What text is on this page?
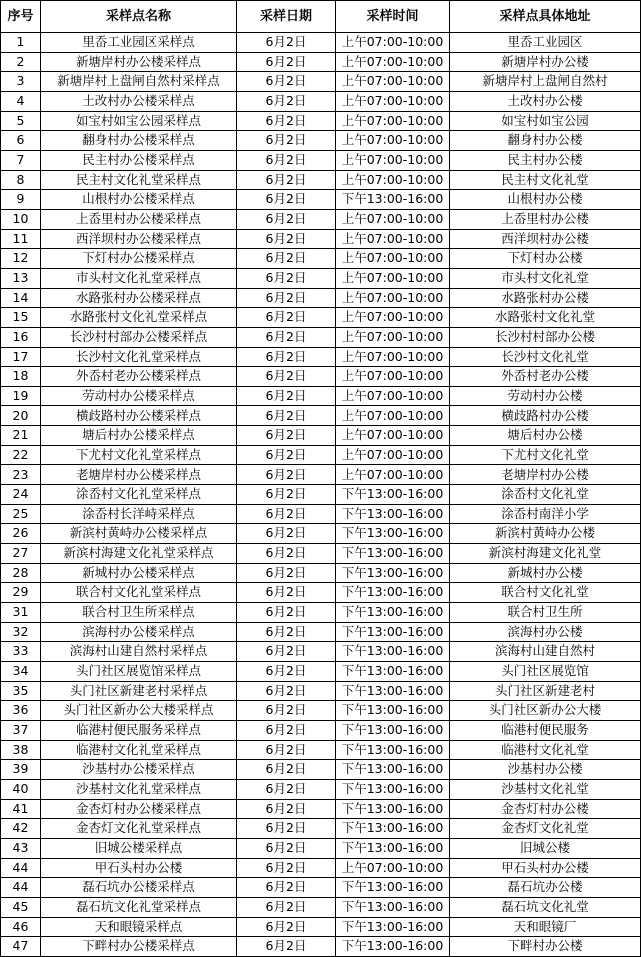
序号	采样点名称	采样日期	采样时间	采样点具体地址
1	里岙工业园区采样点	6月2日	上午07:00-10:00	里岙工业园区
2	新塘岸村办公楼采样点	6月2日	上午07:00-10:00	新塘岸村办公楼
3	新塘岸村上盘闸自然村采样点	6月2日	上午07:00-10:00	新塘岸村上盘闸自然村
4	土改村办公楼采样点	6月2日	上午07:00-10:00	土改村办公楼
5	如宝村如宝公园采样点	6月2日	上午07:00-10:00	如宝村如宝公园
6	翻身村办公楼采样点	6月2日	上午07:00-10:00	翻身村办公楼
7	民主村办公楼采样点	6月2日	上午07:00-10:00	民主村办公楼
8	民主村文化礼堂采样点	6月2日	上午07:00-10:00	民主村文化礼堂
9	山根村办公楼采样点	6月2日	下午13:00-16:00	山根村办公楼
10	上岙里村办公楼采样点	6月2日	上午07:00-10:00	上岙里村办公楼
11	西洋坝村办公楼采样点	6月2日	上午07:00-10:00	西洋坝村办公楼
12	下灯村办公楼采样点	6月2日	上午07:00-10:00	下灯村办公楼
13	市头村文化礼堂采样点	6月2日	上午07:00-10:00	市头村文化礼堂
14	水路张村办公楼采样点	6月2日	上午07:00-10:00	水路张村办公楼
15	水路张村文化礼堂采样点	6月2日	上午07:00-10:00	水路张村文化礼堂
16	长沙村村部办公楼采样点	6月2日	上午07:00-10:00	长沙村村部办公楼
17	长沙村文化礼堂采样点	6月2日	上午07:00-10:00	长沙村文化礼堂
18	外岙村老办公楼采样点	6月2日	上午07:00-10:00	外岙村老办公楼
19	劳动村办公楼采样点	6月2日	上午07:00-10:00	劳动村办公楼
20	横歧路村办公楼采样点	6月2日	上午07:00-10:00	横歧路村办公楼
21	塘后村办公楼采样点	6月2日	上午07:00-10:00	塘后村办公楼
22	下尤村文化礼堂采样点	6月2日	上午07:00-10:00	下尤村文化礼堂
23	老塘岸村办公楼采样点	6月2日	上午07:00-10:00	老塘岸村办公楼
24	涂岙村文化礼堂采样点	6月2日	下午13:00-16:00	涂岙村文化礼堂
25	涂岙村长洋峙采样点	6月2日	下午13:00-16:00	涂岙村南洋小学
26	新滨村黄峙办公楼采样点	6月2日	下午13:00-16:00	新滨村黄峙办公楼
27	新滨村海建文化礼堂采样点	6月2日	下午13:00-16:00	新滨村海建文化礼堂
28	新城村办公楼采样点	6月2日	下午13:00-16:00	新城村办公楼
29	联合村文化礼堂采样点	6月2日	下午13:00-16:00	联合村文化礼堂
31	联合村卫生所采样点	6月2日	下午13:00-16:00	联合村卫生所
32	滨海村办公楼采样点	6月2日	下午13:00-16:00	滨海村办公楼
33	滨海村山建自然村采样点	6月2日	下午13:00-16:00	滨海村山建自然村
34	头门社区展览馆采样点	6月2日	下午13:00-16:00	头门社区展览馆
35	头门社区新建老村采样点	6月2日	下午13:00-16:00	头门社区新建老村
36	头门社区新办公大楼采样点	6月2日	下午13:00-16:00	头门社区新办公大楼
37	临港村便民服务采样点	6月2日	下午13:00-16:00	临港村便民服务
38	临港村文化礼堂采样点	6月2日	下午13:00-16:00	临港村文化礼堂
39	沙基村办公楼采样点	6月2日	下午13:00-16:00	沙基村办公楼
40	沙基村文化礼堂采样点	6月2日	下午13:00-16:00	沙基村文化礼堂
41	金杏灯村办公楼采样点	6月2日	下午13:00-16:00	金杏灯村办公楼
42	金杏灯文化礼堂采样点	6月2日	下午13:00-16:00	金杏灯文化礼堂
43	旧城公楼采样点	6月2日	下午13:00-16:00	旧城公楼
44	甲石头村办公楼	6月2日	上午07:00-10:00	甲石头村办公楼
44	磊石坑办公楼采样点	6月2日	下午13:00-16:00	磊石坑办公楼
45	磊石坑文化礼堂采样点	6月2日	下午13:00-16:00	磊石坑文化礼堂
46	天和眼镜采样点	6月2日	下午13:00-16:00	天和眼镜厂
47	下畔村办公楼采样点	6月2日	下午13:00-16:00	下畔村办公楼
